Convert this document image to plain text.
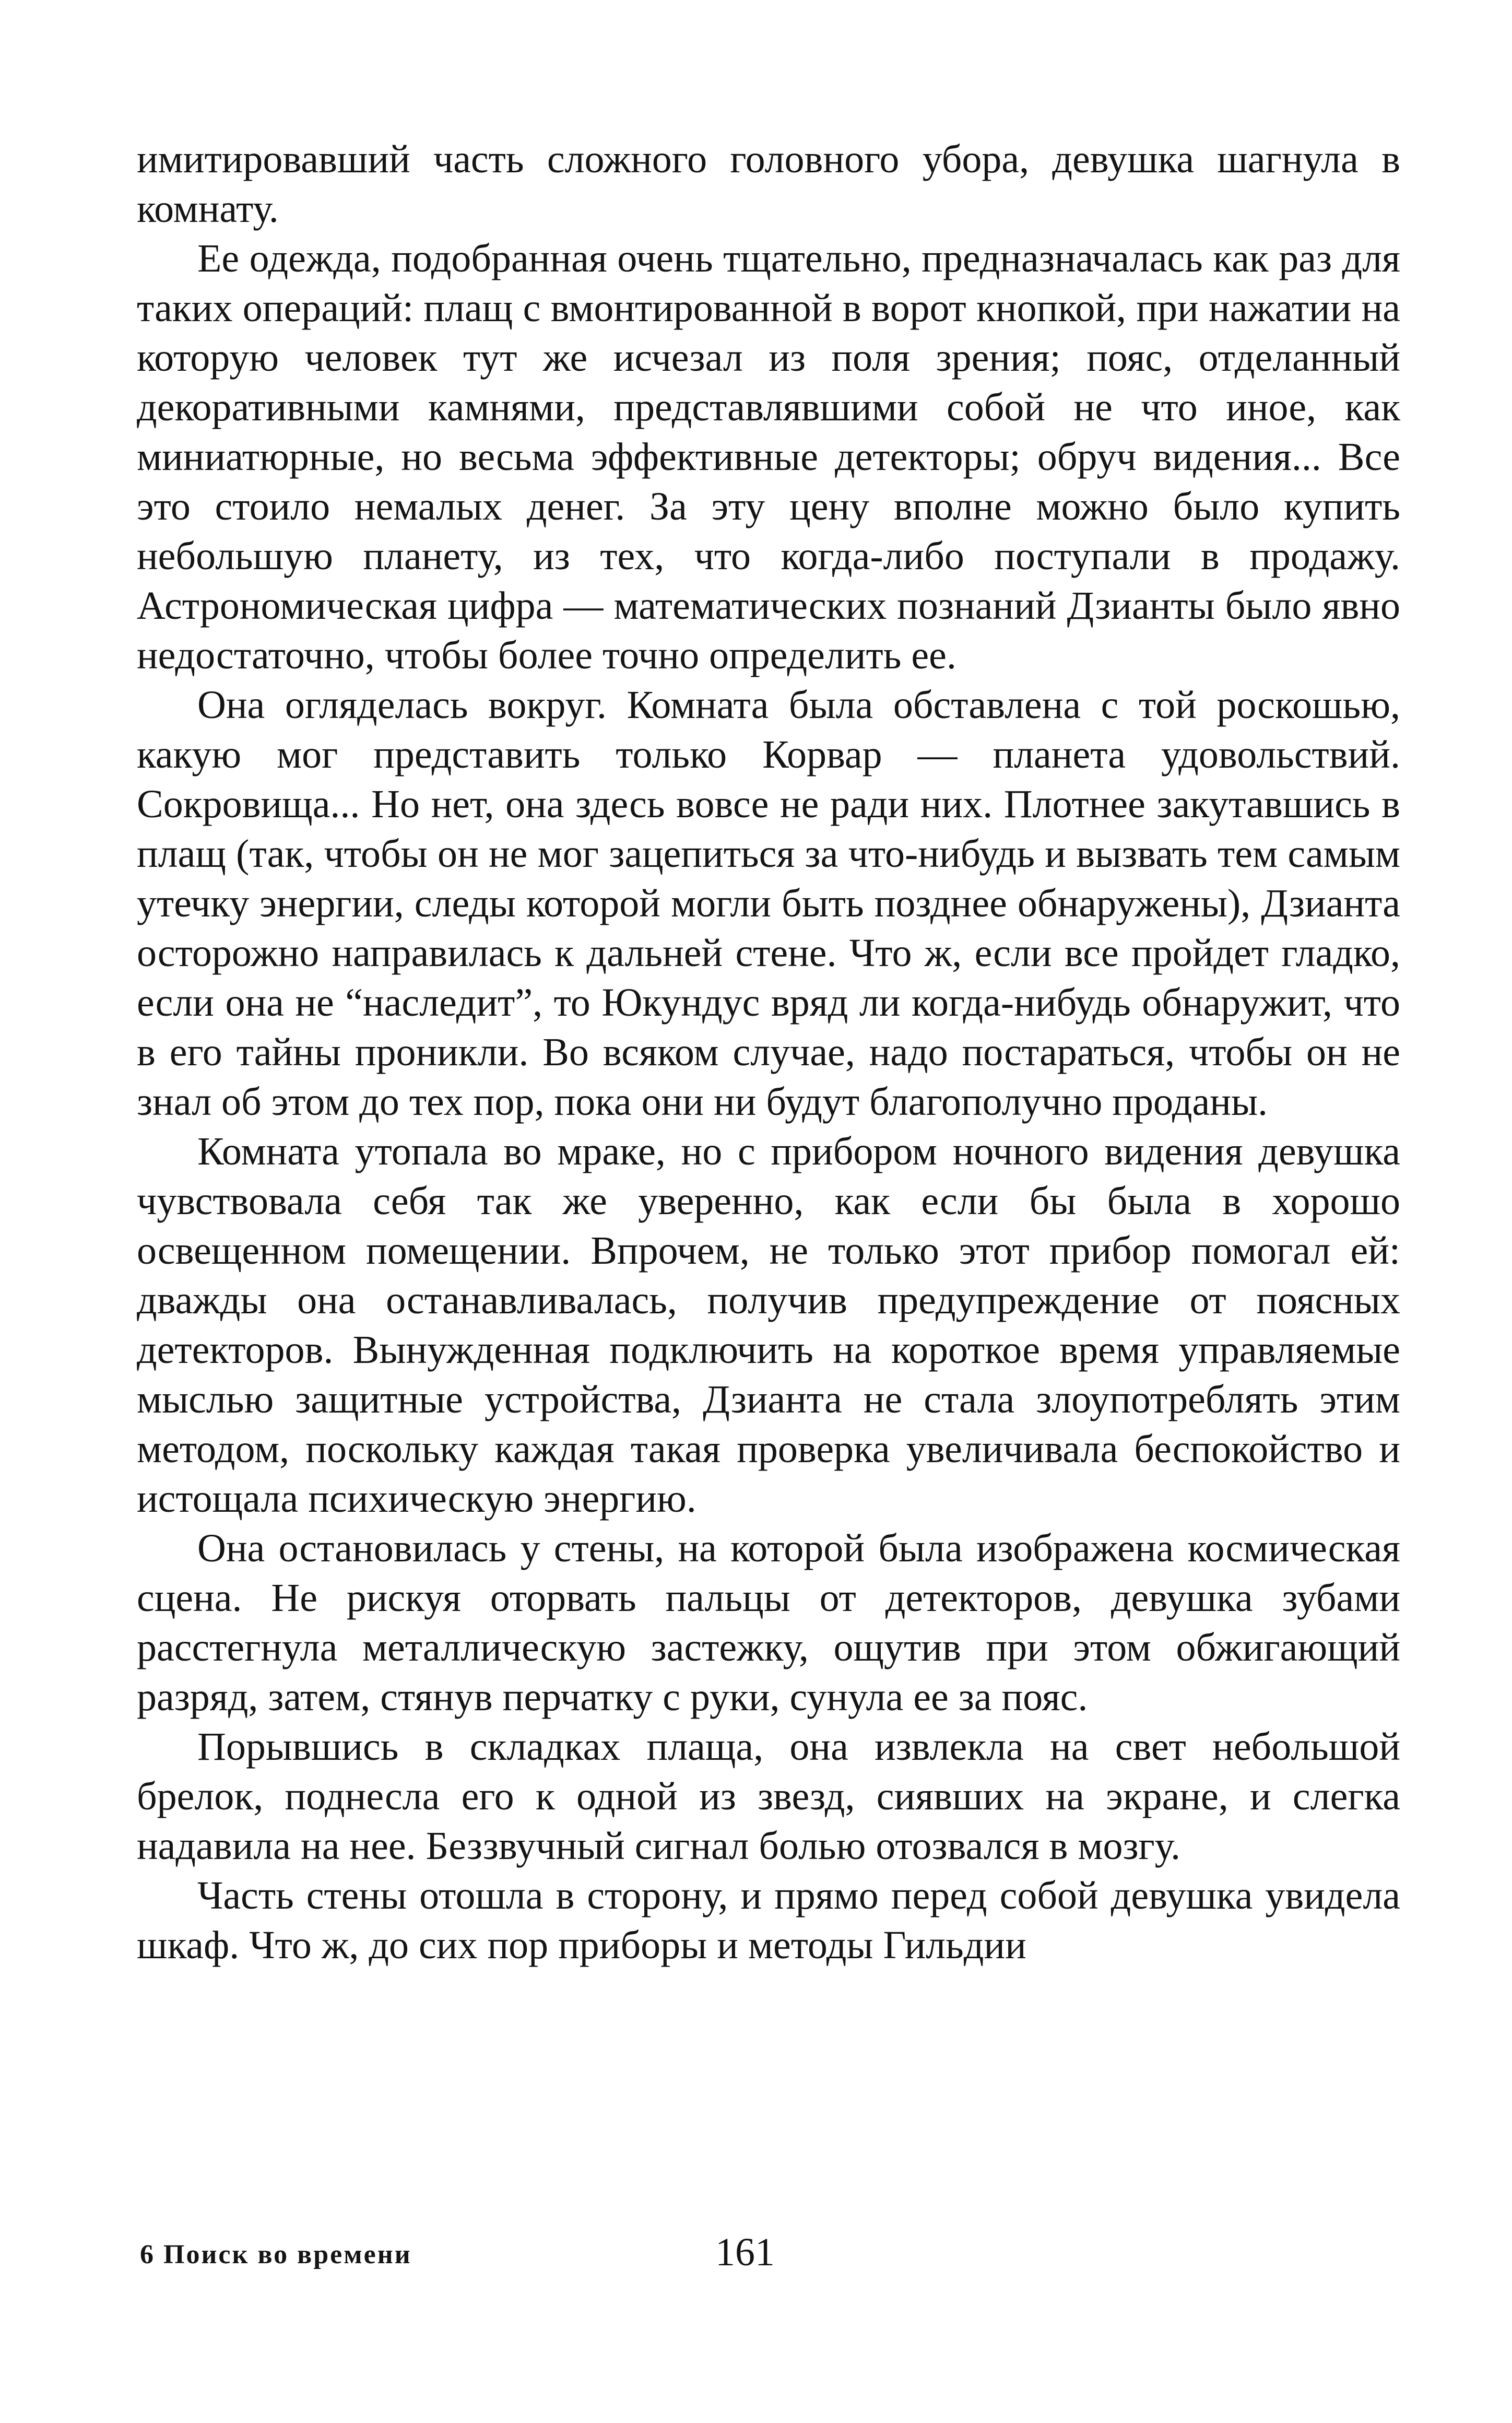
имитировавший часть сложного головного убора, девушка шагнула в комнату.

Ее одежда, подобранная очень тщательно, предназначалась как раз для таких операций: плащ с вмонтированной в ворот кнопкой, при нажатии на которую человек тут же исчезал из поля зрения; пояс, отделанный декоративными камнями, представлявшими собой не что иное, как миниатюрные, но весьма эффективные детекторы; обруч видения... Все это стоило немалых денег. За эту цену вполне можно было купить небольшую планету, из тех, что когда-либо поступали в продажу. Астрономическая цифра — математических познаний Дзианты было явно недостаточно, чтобы более точно определить ее.

Она огляделась вокруг. Комната была обставлена с той роскошью, какую мог представить только Корвар — планета удовольствий. Сокровища... Но нет, она здесь вовсе не ради них. Плотнее закутавшись в плащ (так, чтобы он не мог зацепиться за что-нибудь и вызвать тем самым утечку энергии, следы которой могли быть позднее обнаружены), Дзианта осторожно направилась к дальней стене. Что ж, если все пройдет гладко, если она не “наследит”, то Юкундус вряд ли когда-нибудь обнаружит, что в его тайны проникли. Во всяком случае, надо постараться, чтобы он не знал об этом до тех пор, пока они ни будут благополучно проданы.

Комната утопала во мраке, но с прибором ночного видения девушка чувствовала себя так же уверенно, как если бы была в хорошо освещенном помещении. Впрочем, не только этот прибор помогал ей: дважды она останавливалась, получив предупреждение от поясных детекторов. Вынужденная подключить на короткое время управляемые мыслью защитные устройства, Дзианта не стала злоупотреблять этим методом, поскольку каждая такая проверка увеличивала беспокойство и истощала психическую энергию.

Она остановилась у стены, на которой была изображена космическая сцена. Не рискуя оторвать пальцы от детекторов, девушка зубами расстегнула металлическую застежку, ощутив при этом обжигающий разряд, затем, стянув перчатку с руки, сунула ее за пояс.

Порывшись в складках плаща, она извлекла на свет небольшой брелок, поднесла его к одной из звезд, сиявших на экране, и слегка надавила на нее. Беззвучный сигнал болью отозвался в мозгу.

Часть стены отошла в сторону, и прямо перед собой девушка увидела шкаф. Что ж, до сих пор приборы и методы Гильдии

6 Поиск во времени	161
